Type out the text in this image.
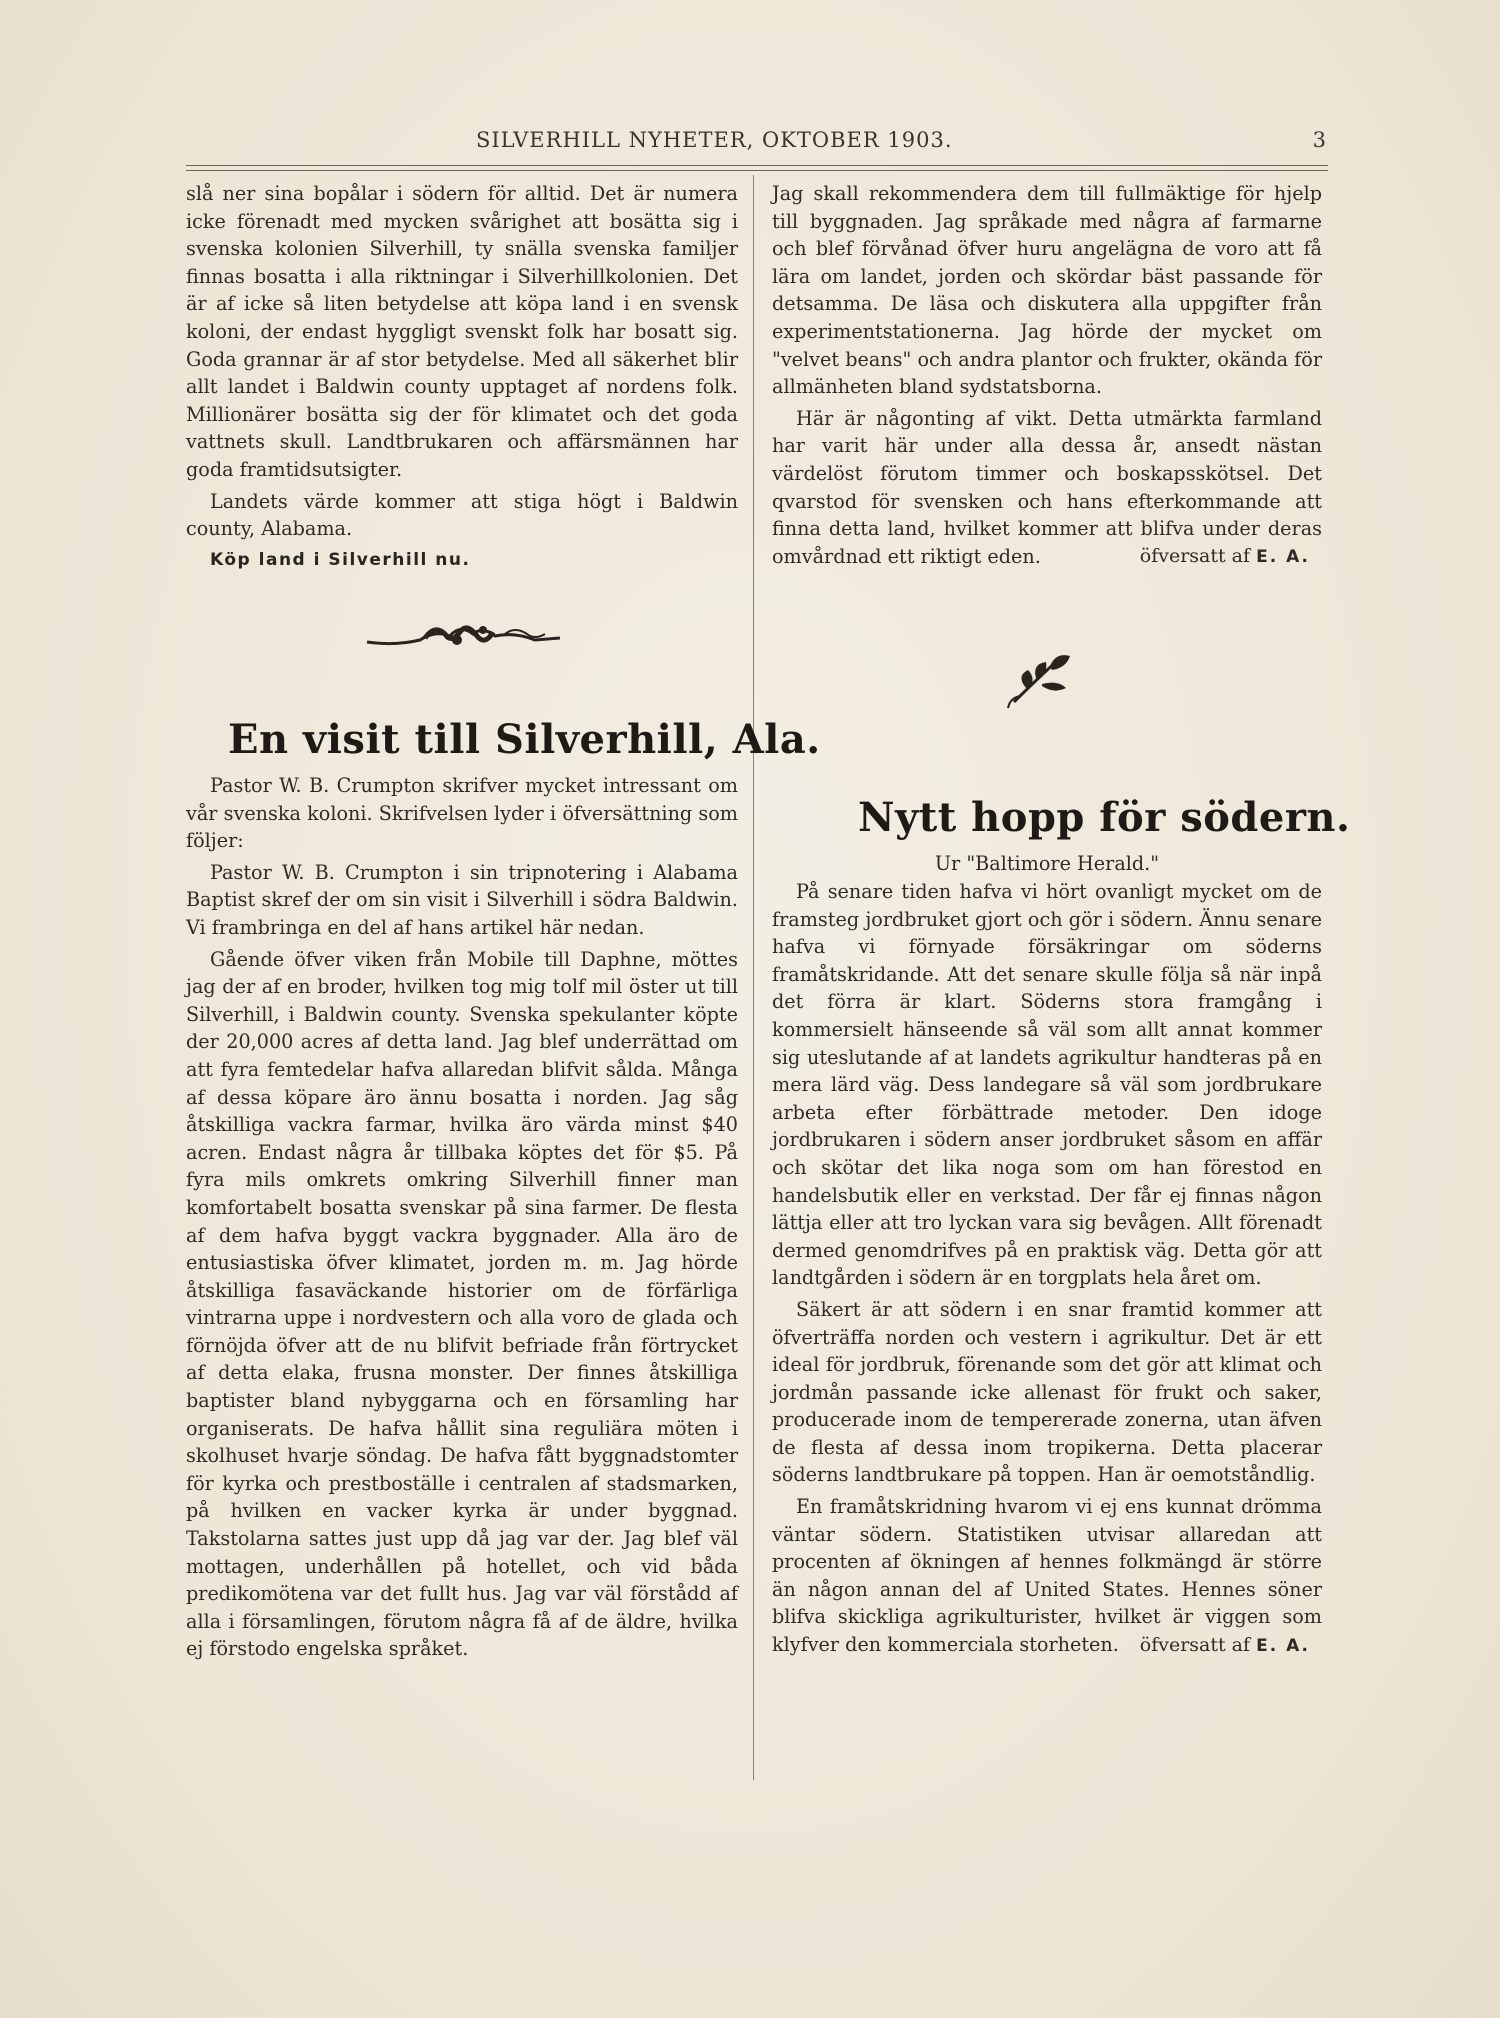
SILVERHILL NYHETER, OKTOBER 1903.	3

slå ner sina bopålar i södern för alltid. Det är numera icke förenadt med mycken svårighet att bosätta sig i svenska kolonien Silverhill, ty snälla svenska familjer finnas bosatta i alla riktningar i Silverhillkolonien. Det är af icke så liten betydelse att köpa land i en svensk koloni, der endast hyggligt svenskt folk har bosatt sig. Goda grannar är af stor betydelse. Med all säkerhet blir allt landet i Baldwin county upptaget af nordens folk. Millionärer bosätta sig der för klimatet och det goda vattnets skull. Landtbrukaren och affärsmännen har goda framtidsutsigter.

Landets värde kommer att stiga högt i Baldwin county, Alabama.

Köp land i Silverhill nu.

En visit till Silverhill, Ala.

Pastor W. B. Crumpton skrifver mycket intressant om vår svenska koloni. Skrifvelsen lyder i öfversättning som följer:

Pastor W. B. Crumpton i sin tripnotering i Alabama Baptist skref der om sin visit i Silverhill i södra Baldwin. Vi frambringa en del af hans artikel här nedan.

Gående öfver viken från Mobile till Daphne, möttes jag der af en broder, hvilken tog mig tolf mil öster ut till Silverhill, i Baldwin county. Svenska spekulanter köpte der 20,000 acres af detta land. Jag blef underrättad om att fyra femtedelar hafva allaredan blifvit sålda. Många af dessa köpare äro ännu bosatta i norden. Jag såg åtskilliga vackra farmar, hvilka äro värda minst $40 acren. Endast några år tillbaka köptes det för $5. På fyra mils omkrets omkring Silverhill finner man komfortabelt bosatta svenskar på sina farmer. De flesta af dem hafva byggt vackra byggnader. Alla äro de entusiastiska öfver klimatet, jorden m. m. Jag hörde åtskilliga fasaväckande historier om de förfärliga vintrarna uppe i nordvestern och alla voro de glada och förnöjda öfver att de nu blifvit befriade från förtrycket af detta elaka, frusna monster. Der finnes åtskilliga baptister bland nybyggarna och en församling har organiserats. De hafva hållit sina reguliära möten i skolhuset hvarje söndag. De hafva fått byggnadstomter för kyrka och prestboställe i centralen af stadsmarken, på hvilken en vacker kyrka är under byggnad. Takstolarna sattes just upp då jag var der. Jag blef väl mottagen, underhållen på hotellet, och vid båda predikomötena var det fullt hus. Jag var väl förstådd af alla i församlingen, förutom några få af de äldre, hvilka ej förstodo engelska språket.

Jag skall rekommendera dem till fullmäktige för hjelp till byggnaden. Jag språkade med några af farmarne och blef förvånad öfver huru angelägna de voro att få lära om landet, jorden och skördar bäst passande för detsamma. De läsa och diskutera alla uppgifter från experimentstationerna. Jag hörde der mycket om "velvet beans" och andra plantor och frukter, okända för allmänheten bland sydstatsborna.

Här är någonting af vikt. Detta utmärkta farmland har varit här under alla dessa år, ansedt nästan värdelöst förutom timmer och boskapsskötsel. Det qvarstod för svensken och hans efterkommande att finna detta land, hvilket kommer att blifva under deras omvårdnad ett riktigt eden.	öfversatt af E. A.

Nytt hopp för södern.
Ur "Baltimore Herald."

På senare tiden hafva vi hört ovanligt mycket om de framsteg jordbruket gjort och gör i södern. Ännu senare hafva vi förnyade försäkringar om söderns framåtskridande. Att det senare skulle följa så när inpå det förra är klart. Söderns stora framgång i kommersielt hänseende så väl som allt annat kommer sig uteslutande af at landets agrikultur handteras på en mera lärd väg. Dess landegare så väl som jordbrukare arbeta efter förbättrade metoder. Den idoge jordbrukaren i södern anser jordbruket såsom en affär och skötar det lika noga som om han förestod en handelsbutik eller en verkstad. Der får ej finnas någon lättja eller att tro lyckan vara sig bevågen. Allt förenadt dermed genomdrifves på en praktisk väg. Detta gör att landtgården i södern är en torgplats hela året om.

Säkert är att södern i en snar framtid kommer att öfverträffa norden och vestern i agrikultur. Det är ett ideal för jordbruk, förenande som det gör att klimat och jordmån passande icke allenast för frukt och saker, producerade inom de tempererade zonerna, utan äfven de flesta af dessa inom tropikerna. Detta placerar söderns landtbrukare på toppen. Han är oemotståndlig.

En framåtskridning hvarom vi ej ens kunnat drömma väntar södern. Statistiken utvisar allaredan att procenten af ökningen af hennes folkmängd är större än någon annan del af United States. Hennes söner blifva skickliga agrikulturister, hvilket är viggen som klyfver den kommerciala storheten.	öfversatt af E. A.
